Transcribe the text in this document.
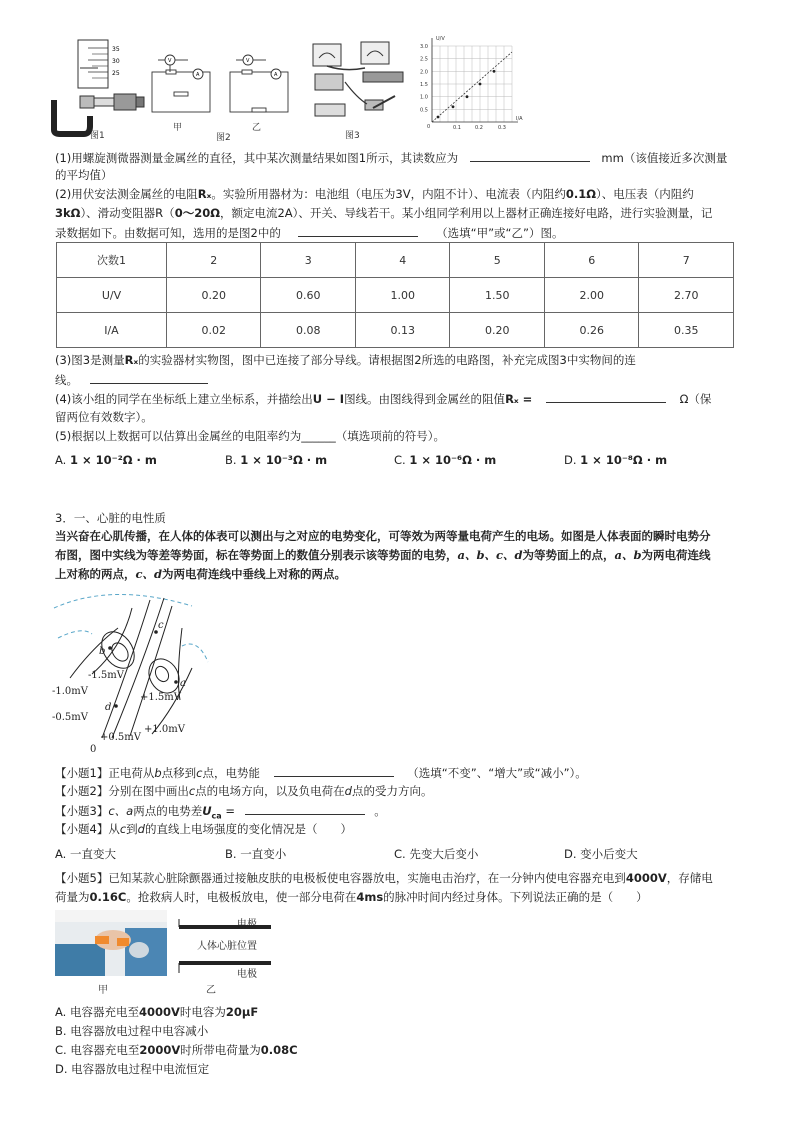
35
30
25
图1
V
A
V
A
甲
图2
乙
图3
U/V
I/A
0
3.0
2.5
2.0
1.5
1.0
0.5
0.1	0.2	0.3
(1)用螺旋测微器测量金属丝的直径，其中某次测量结果如图1所示，其读数应为	mm（该值接近多次测量
的平均值）
(2)用伏安法测金属丝的电阻Rₓ。实验所用器材为：电池组（电压为3V，内阻不计）、电流表（内阻约0.1Ω）、电压表（内阻约
3kΩ）、滑动变阻器R（0～20Ω，额定电流2A）、开关、导线若干。某小组同学利用以上器材正确连接好电路，进行实验测量，记
录数据如下。由数据可知，选用的是图2中的	（选填“甲”或“乙”）图。
次数1	2	3	4	5	6	7
U/V	0.20	0.60	1.00	1.50	2.00	2.70
I/A	0.02	0.08	0.13	0.20	0.26	0.35
(3)图3是测量Rₓ的实验器材实物图，图中已连接了部分导线。请根据图2所选的电路图，补充完成图3中实物间的连
线。
(4)该小组的同学在坐标纸上建立坐标系，并描绘出U − I图线。由图线得到金属丝的阻值Rₓ =	Ω（保
留两位有效数字）。
(5)根据以上数据可以估算出金属丝的电阻率约为______（填选项前的符号）。
A. 1 × 10⁻²Ω · m	B. 1 × 10⁻³Ω · m	C. 1 × 10⁻⁶Ω · m	D. 1 × 10⁻⁸Ω · m
3．一、心脏的电性质
当兴奋在心肌传播，在人体的体表可以测出与之对应的电势变化，可等效为两等量电荷产生的电场。如图是人体表面的瞬时电势分
布图，图中实线为等差等势面，标在等势面上的数值分别表示该等势面的电势，a、b、c、d为等势面上的点，a、b为两电荷连线
上对称的两点，c、d为两电荷连线中垂线上对称的两点。
c
b
a
d
-1.5mV
-1.0mV
-0.5mV
+1.5mV
+1.0mV
+0.5mV
0
【小题1】正电荷从b点移到c点，电势能	（选填“不变”、“增大”或“减小”）。
【小题2】分别在图中画出c点的电场方向，以及负电荷在d点的受力方向。
【小题3】c、a两点的电势差$U_{ca}$ =	。
【小题4】从c到d的直线上电场强度的变化情况是（　　）
A. 一直变大	B. 一直变小	C. 先变大后变小	D. 变小后变大
【小题5】已知某款心脏除颤器通过接触皮肤的电极板使电容器放电，实施电击治疗，在一分钟内使电容器充电到4000V，存储电
荷量为0.16C。抢救病人时，电极板放电，使一部分电荷在4ms的脉冲时间内经过身体。下列说法正确的是（　　）
甲
电极
人体心脏位置
电极
乙
A. 电容器充电至4000V时电容为20μF
B. 电容器放电过程中电容减小
C. 电容器充电至2000V时所带电荷量为0.08C
D. 电容器放电过程中电流恒定
